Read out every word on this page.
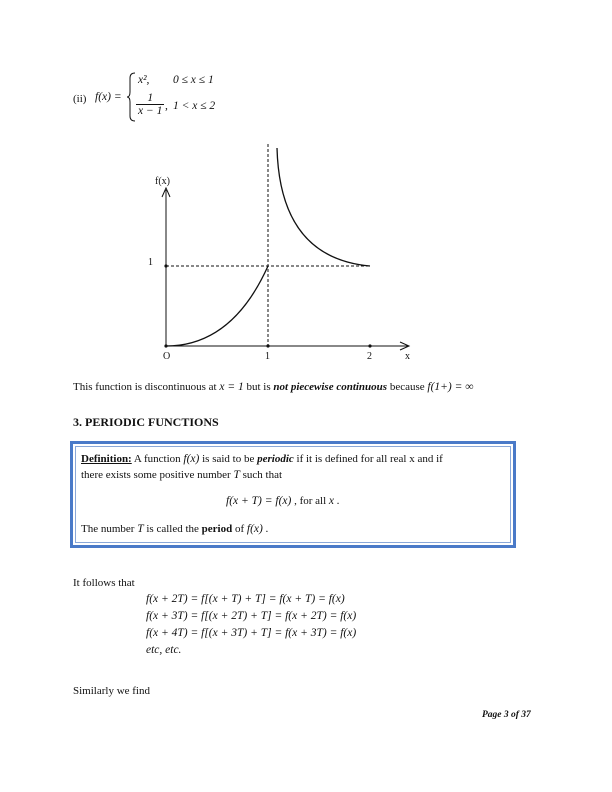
(ii) f(x) =
x², 0 ≤ x ≤ 1
$\frac{1}{x - 1}$ , 1 < x ≤ 2
f(x)
1
O	1	2	x
This function is discontinuous at x = 1 but is not piecewise continuous because f(1+) = ∞
3. PERIODIC FUNCTIONS
Definition: A function f(x) is said to be periodic if it is defined for all real x and if
there exists some positive number T such that
f(x + T) = f(x) , for all x .
The number T is called the period of f(x) .
It follows that
f(x + 2T) = f[(x + T) + T] = f(x + T) = f(x)
f(x + 3T) = f[(x + 2T) + T] = f(x + 2T) = f(x)
f(x + 4T) = f[(x + 3T) + T] = f(x + 3T) = f(x)
etc, etc.
Similarly we find
Page 3 of 37
